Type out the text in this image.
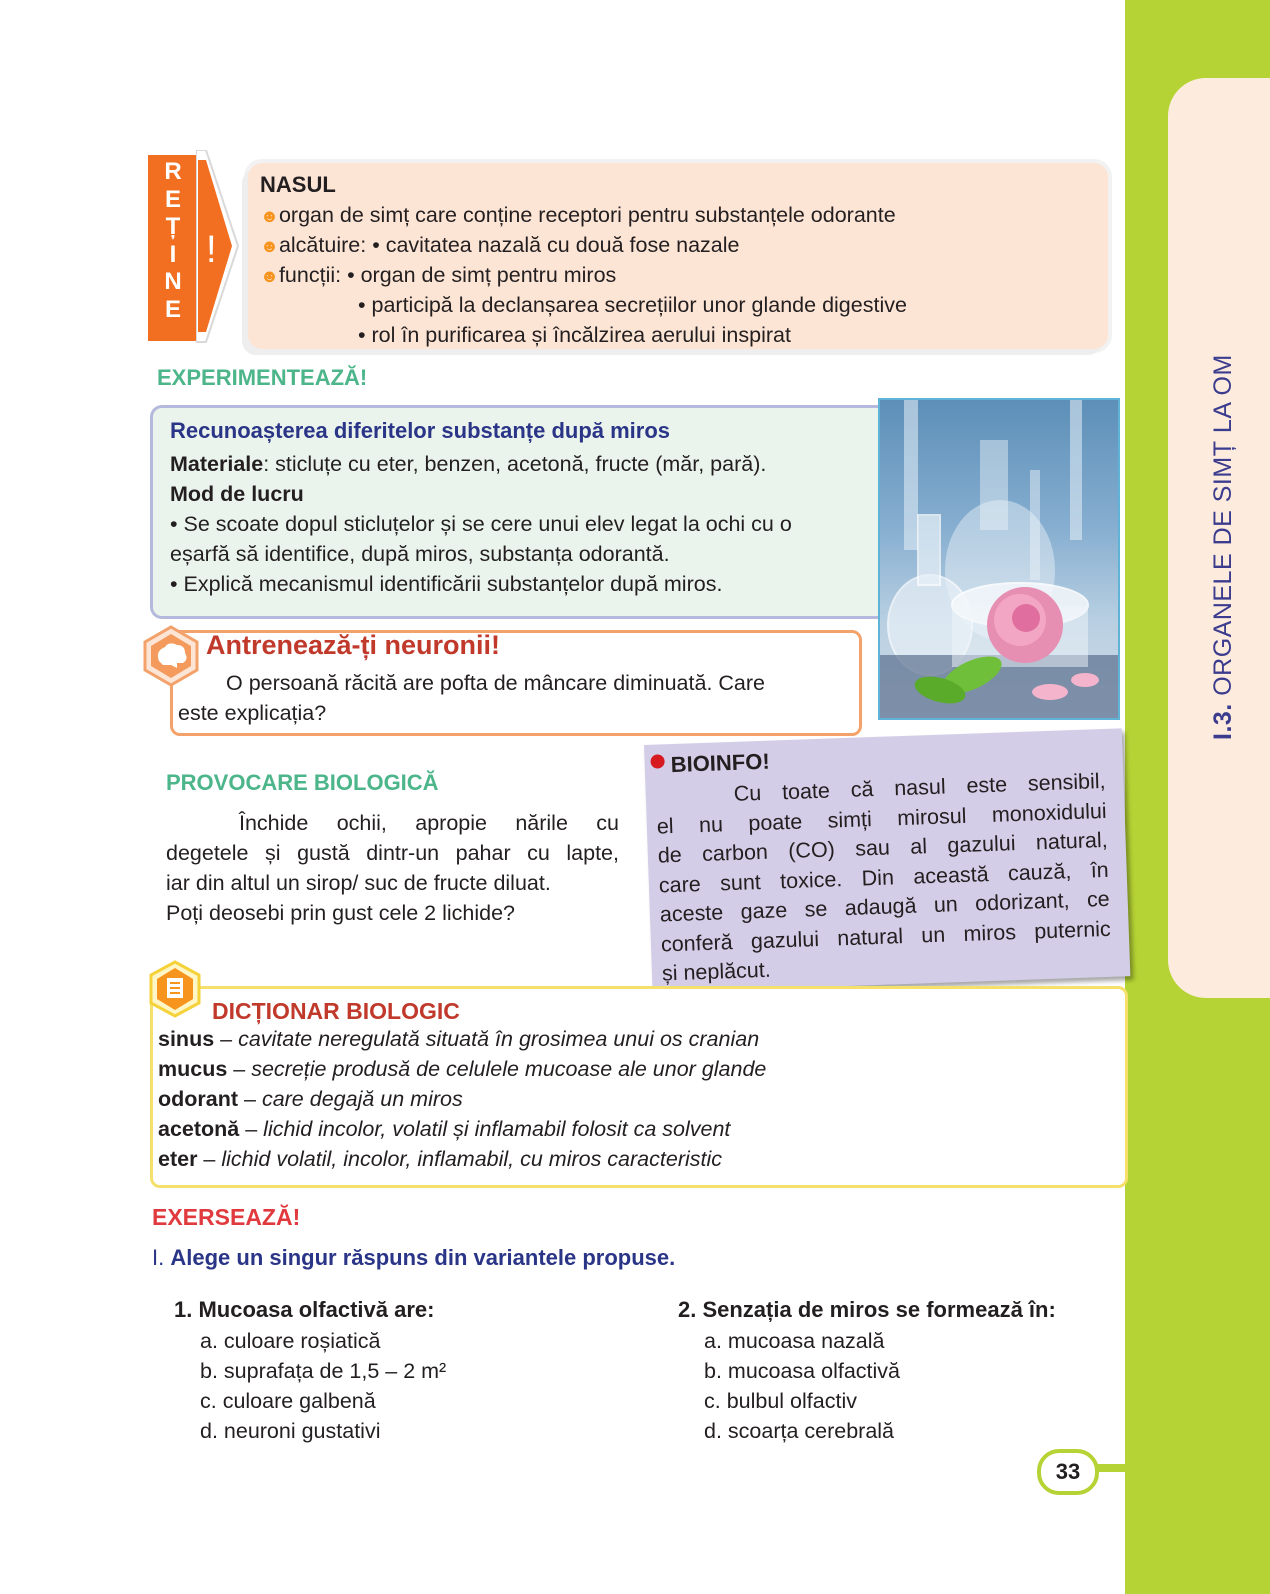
I.3. ORGANELE DE SIMȚ LA OM
33
R
E
Ț
I
N
E
!
NASUL
☻organ de simț care conține receptori pentru substanțele odorante
☻alcătuire: • cavitatea nazală cu două fose nazale
☻funcții: • organ de simț pentru miros
• participă la declanșarea secrețiilor unor glande digestive
• rol în purificarea și încălzirea aerului inspirat
EXPERIMENTEAZĂ!
Recunoașterea diferitelor substanțe după miros
Materiale: sticluțe cu eter, benzen, acetonă, fructe (măr, pară).
Mod de lucru
• Se scoate dopul sticluțelor și se cere unui elev legat la ochi cu o
eșarfă să identifice, după miros, substanța odorantă.
• Explică mecanismul identificării substanțelor după miros.
Antrenează-ți neuronii!
O persoană răcită are pofta de mâncare diminuată. Care
este explicația?
PROVOCARE BIOLOGICĂ
Închide ochii, apropie nările cu
degetele și gustă dintr-un pahar cu lapte,
iar din altul un sirop/ suc de fructe diluat.
Poți deosebi prin gust cele 2 lichide?
BIOINFO!
Cu toate că nasul este sensibil,
el nu poate simți mirosul monoxidului
de carbon (CO) sau al gazului natural,
care sunt toxice. Din această cauză, în
aceste gaze se adaugă un odorizant, ce
conferă gazului natural un miros puternic
și neplăcut.
DICȚIONAR BIOLOGIC
sinus – cavitate neregulată situată în grosimea unui os cranian
mucus – secreție produsă de celulele mucoase ale unor glande
odorant – care degajă un miros
acetonă – lichid incolor, volatil și inflamabil folosit ca solvent
eter – lichid volatil, incolor, inflamabil, cu miros caracteristic
EXERSEAZĂ!
I. Alege un singur răspuns din variantele propuse.
1. Mucoasa olfactivă are:
a. culoare roșiatică
b. suprafața de 1,5 – 2 m²
c. culoare galbenă
d. neuroni gustativi
2. Senzația de miros se formează în:
a. mucoasa nazală
b. mucoasa olfactivă
c. bulbul olfactiv
d. scoarța cerebrală
